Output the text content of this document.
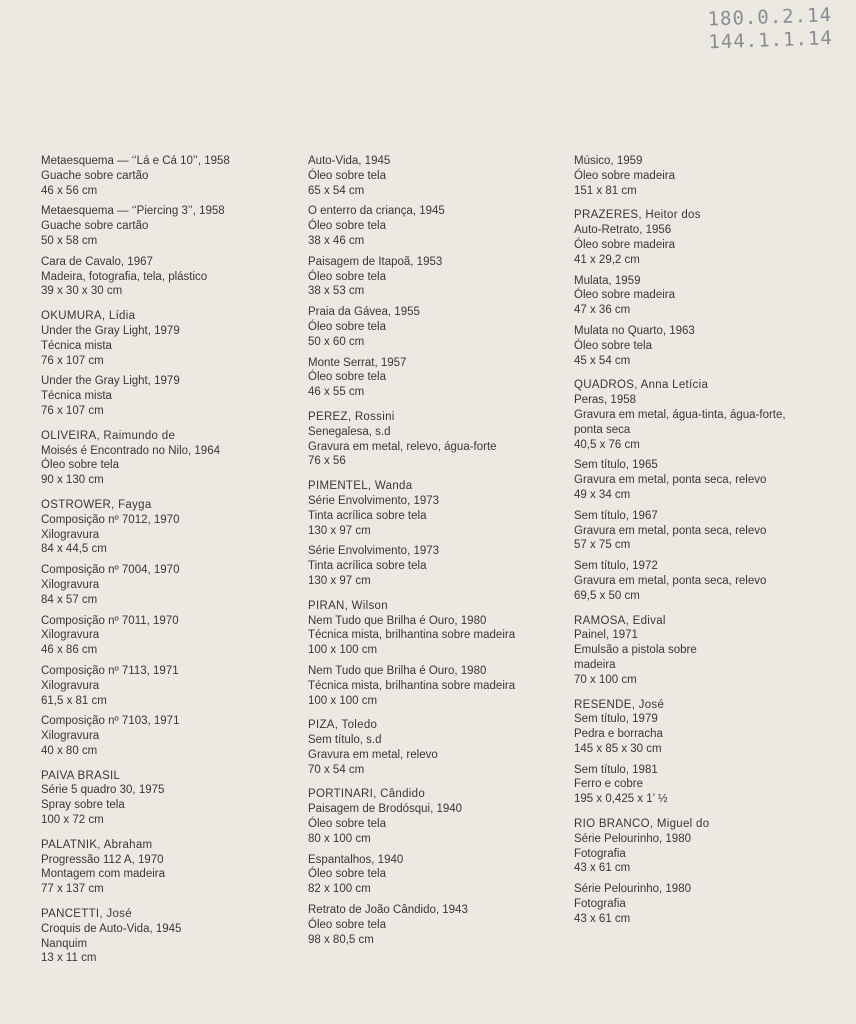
180.0.2.14
144.1.1.14
Metaesquema — ‘‘Lá e Cá 10’’, 1958
Guache sobre cartão
46 x 56 cm
Metaesquema — ‘‘Piercing 3’’, 1958
Guache sobre cartão
50 x 58 cm
Cara de Cavalo, 1967
Madeira, fotografia, tela, plástico
39 x 30 x 30 cm
OKUMURA, Lídia
Under the Gray Light, 1979
Técnica mista
76 x 107 cm
Under the Gray Light, 1979
Técnica mista
76 x 107 cm
OLIVEIRA, Raimundo de
Moisés é Encontrado no Nilo, 1964
Óleo sobre tela
90 x 130 cm
OSTROWER, Fayga
Composição nº 7012, 1970
Xilogravura
84 x 44,5 cm
Composição nº 7004, 1970
Xilogravura
84 x 57 cm
Composição nº 7011, 1970
Xilogravura
46 x 86 cm
Composição nº 7113, 1971
Xilogravura
61,5 x 81 cm
Composição nº 7103, 1971
Xilogravura
40 x 80 cm
PAIVA BRASIL
Série 5 quadro 30, 1975
Spray sobre tela
100 x 72 cm
PALATNIK, Abraham
Progressão 112 A, 1970
Montagem com madeira
77 x 137 cm
PANCETTI, José
Croquis de Auto-Vida, 1945
Nanquim
13 x 11 cm
Auto-Vida, 1945
Óleo sobre tela
65 x 54 cm
O enterro da criança, 1945
Óleo sobre tela
38 x 46 cm
Paisagem de Itapoã, 1953
Óleo sobre tela
38 x 53 cm
Praia da Gávea, 1955
Óleo sobre tela
50 x 60 cm
Monte Serrat, 1957
Óleo sobre tela
46 x 55 cm
PEREZ, Rossini
Senegalesa, s.d
Gravura em metal, relevo, água-forte
76 x 56
PIMENTEL, Wanda
Série Envolvimento, 1973
Tinta acrílica sobre tela
130 x 97 cm
Série Envolvimento, 1973
Tinta acrílica sobre tela
130 x 97 cm
PIRAN, Wilson
Nem Tudo que Brilha é Ouro, 1980
Técnica mista, brilhantina sobre madeira
100 x 100 cm
Nem Tudo que Brilha é Ouro, 1980
Técnica mista, brilhantina sobre madeira
100 x 100 cm
PIZA, Toledo
Sem título, s.d
Gravura em metal, relevo
70 x 54 cm
PORTINARI, Cândido
Paisagem de Brodósqui, 1940
Óleo sobre tela
80 x 100 cm
Espantalhos, 1940
Óleo sobre tela
82 x 100 cm
Retrato de João Cândido, 1943
Óleo sobre tela
98 x 80,5 cm
Músico, 1959
Óleo sobre madeira
151 x 81 cm
PRAZERES, Heitor dos
Auto-Retrato, 1956
Óleo sobre madeira
41 x 29,2 cm
Mulata, 1959
Óleo sobre madeira
47 x 36 cm
Mulata no Quarto, 1963
Óleo sobre tela
45 x 54 cm
QUADROS, Anna Letícia
Peras, 1958
Gravura em metal, água-tinta, água-forte,
ponta seca
40,5 x 76 cm
Sem título, 1965
Gravura em metal, ponta seca, relevo
49 x 34 cm
Sem título, 1967
Gravura em metal, ponta seca, relevo
57 x 75 cm
Sem título, 1972
Gravura em metal, ponta seca, relevo
69,5 x 50 cm
RAMOSA, Edival
Painel, 1971
Emulsão a pistola sobre
madeira
70 x 100 cm
RESENDE, José
Sem título, 1979
Pedra e borracha
145 x 85 x 30 cm
Sem título, 1981
Ferro e cobre
195 x 0,425 x 1’ ½
RIO BRANCO, Miguel do
Série Pelourinho, 1980
Fotografia
43 x 61 cm
Série Pelourinho, 1980
Fotografia
43 x 61 cm
